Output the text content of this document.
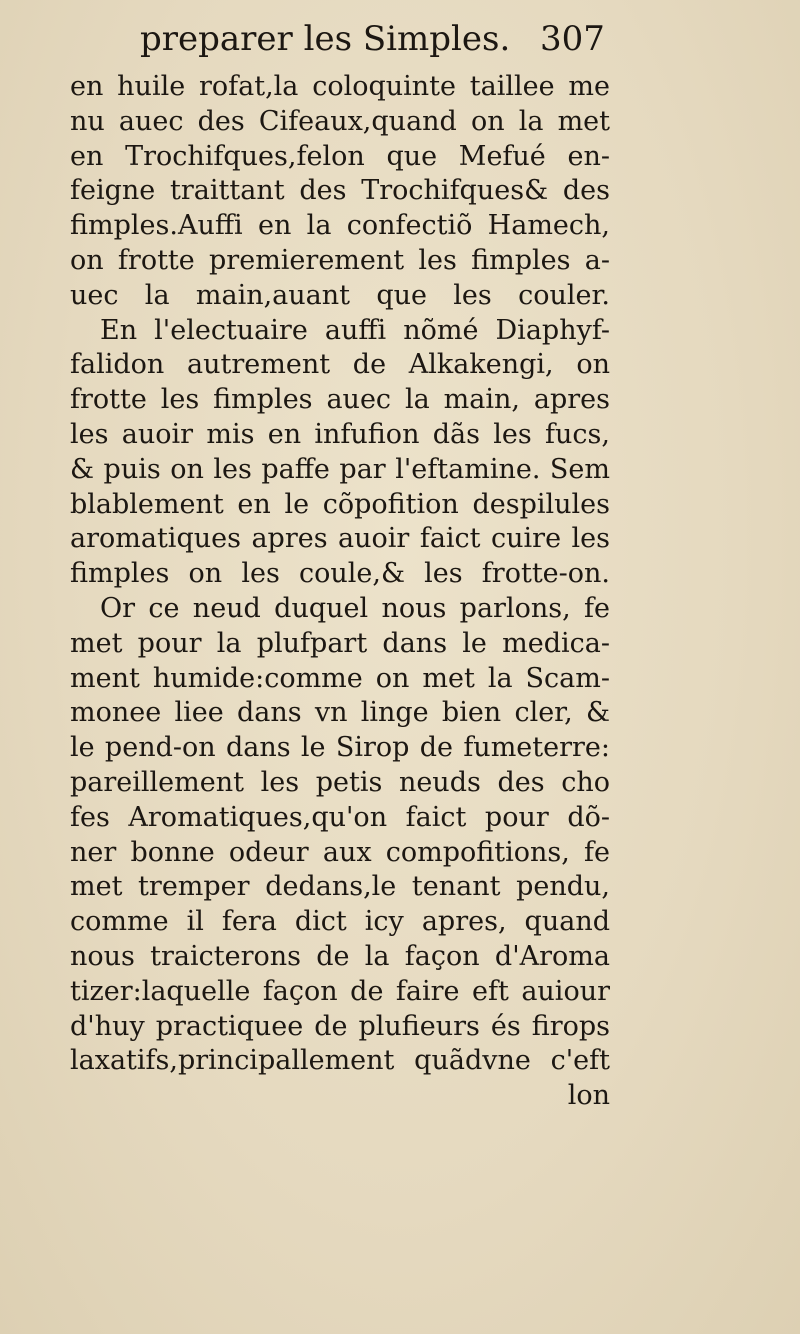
preparer les Simples. 307
en huile rofat,la coloquinte taillee me
nu auec des Cifeaux,quand on la met
en Trochifques,felon que Mefué en-
feigne traittant des Trochifques& des
fimples.Auffi en la confectiõ Hamech,
on frotte premierement les fimples a-
uec la main,auant que les couler.
En l'electuaire auffi nõmé Diaphyf-
falidon autrement de Alkakengi, on
frotte les fimples auec la main, apres
les auoir mis en infufion dãs les fucs,
& puis on les paffe par l'eftamine. Sem
blablement en le cõpofition despilules
aromatiques apres auoir faict cuire les
fimples on les coule,& les frotte-on.
Or ce neud duquel nous parlons, fe
met pour la plufpart dans le medica-
ment humide:comme on met la Scam-
monee liee dans vn linge bien cler, &
le pend-on dans le Sirop de fumeterre:
pareillement les petis neuds des cho
fes Aromatiques,qu'on faict pour dõ-
ner bonne odeur aux compofitions, fe
met tremper dedans,le tenant pendu,
comme il fera dict icy apres, quand
nous traicterons de la façon d'Aroma
tizer:laquelle façon de faire eft auiour
d'huy practiquee de plufieurs és firops
laxatifs,principallement quãdvne c'eft
lon
